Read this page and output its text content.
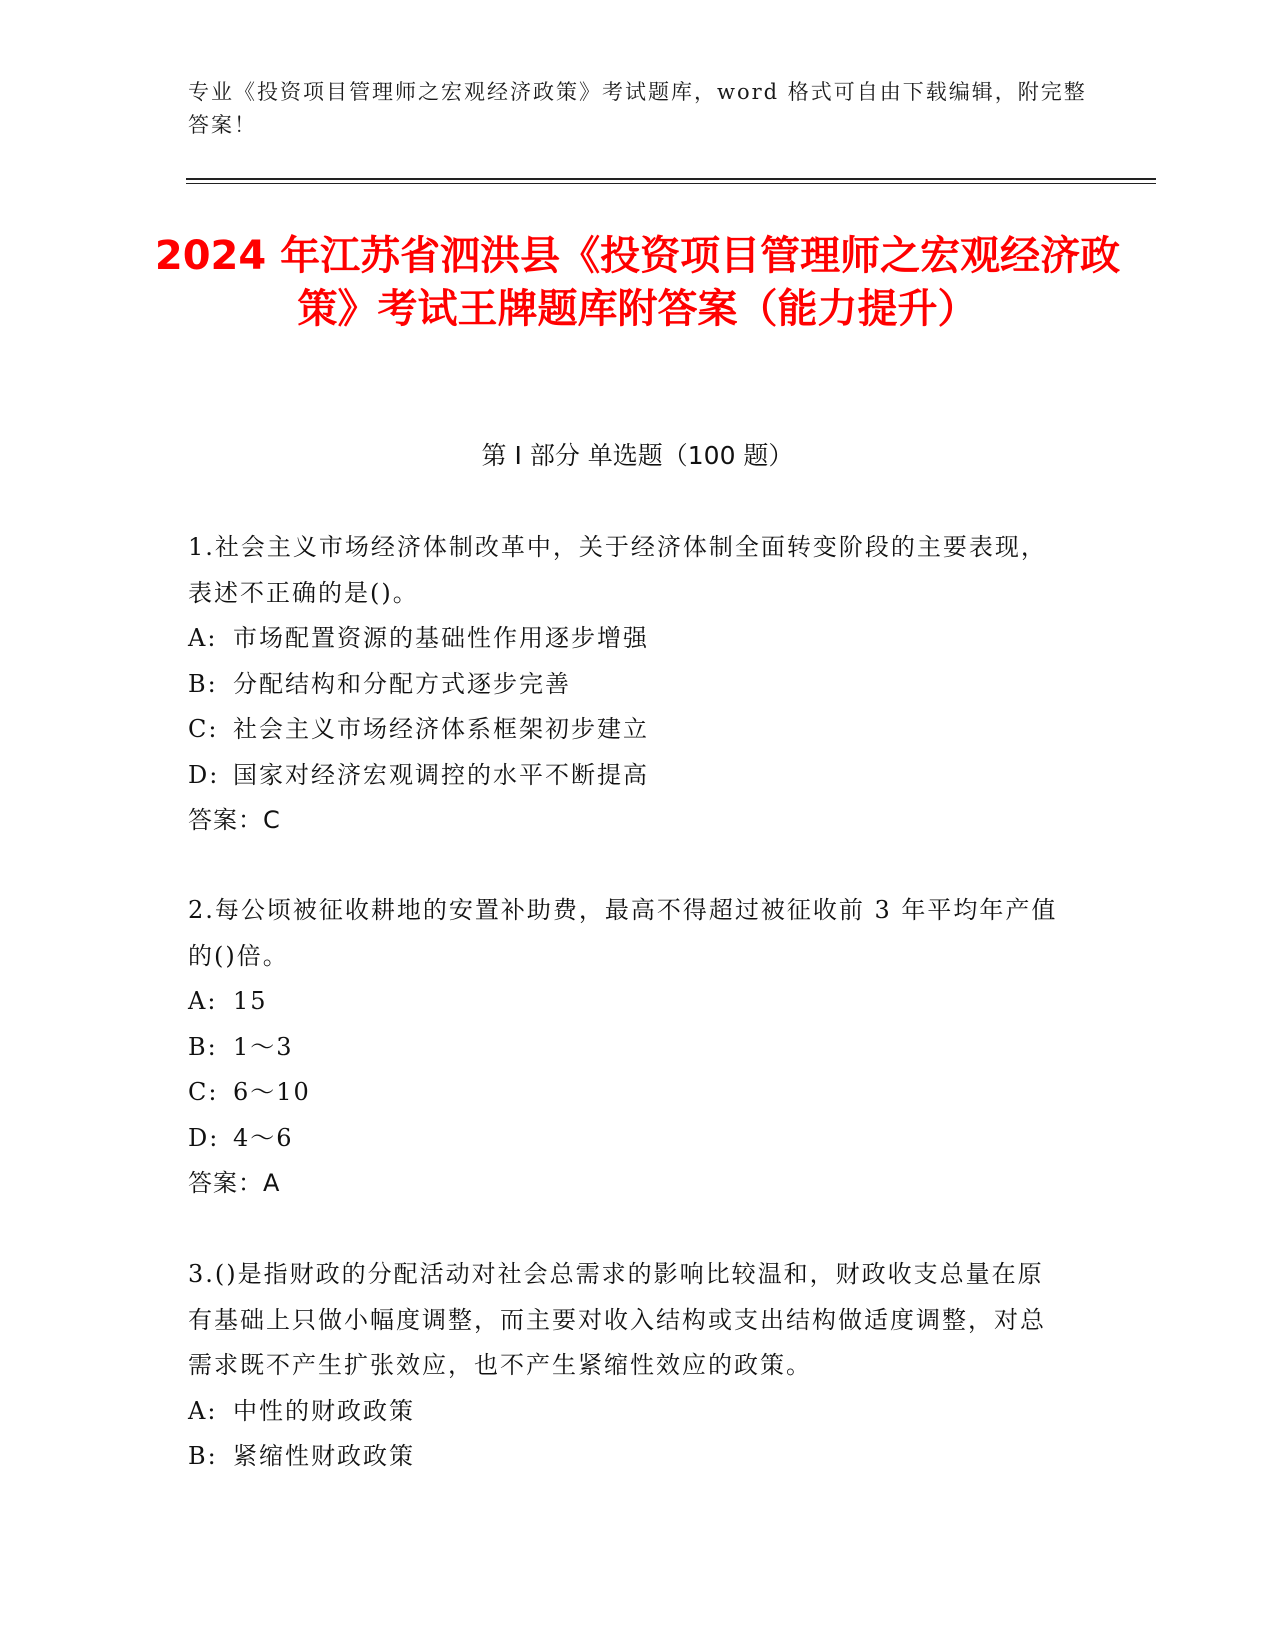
专业《投资项目管理师之宏观经济政策》考试题库，word 格式可自由下载编辑，附完整答案！
2024 年江苏省泗洪县《投资项目管理师之宏观经济政策》考试王牌题库附答案（能力提升）
第 I 部分 单选题（100 题）
1.社会主义市场经济体制改革中，关于经济体制全面转变阶段的主要表现，表述不正确的是()。
A: 市场配置资源的基础性作用逐步增强
B: 分配结构和分配方式逐步完善
C: 社会主义市场经济体系框架初步建立
D: 国家对经济宏观调控的水平不断提高
答案：C
2.每公顷被征收耕地的安置补助费，最高不得超过被征收前 3 年平均年产值的()倍。
A: 15
B: 1～3
C: 6～10
D: 4～6
答案：A
3.()是指财政的分配活动对社会总需求的影响比较温和，财政收支总量在原有基础上只做小幅度调整，而主要对收入结构或支出结构做适度调整，对总需求既不产生扩张效应，也不产生紧缩性效应的政策。
A: 中性的财政政策
B: 紧缩性财政政策
